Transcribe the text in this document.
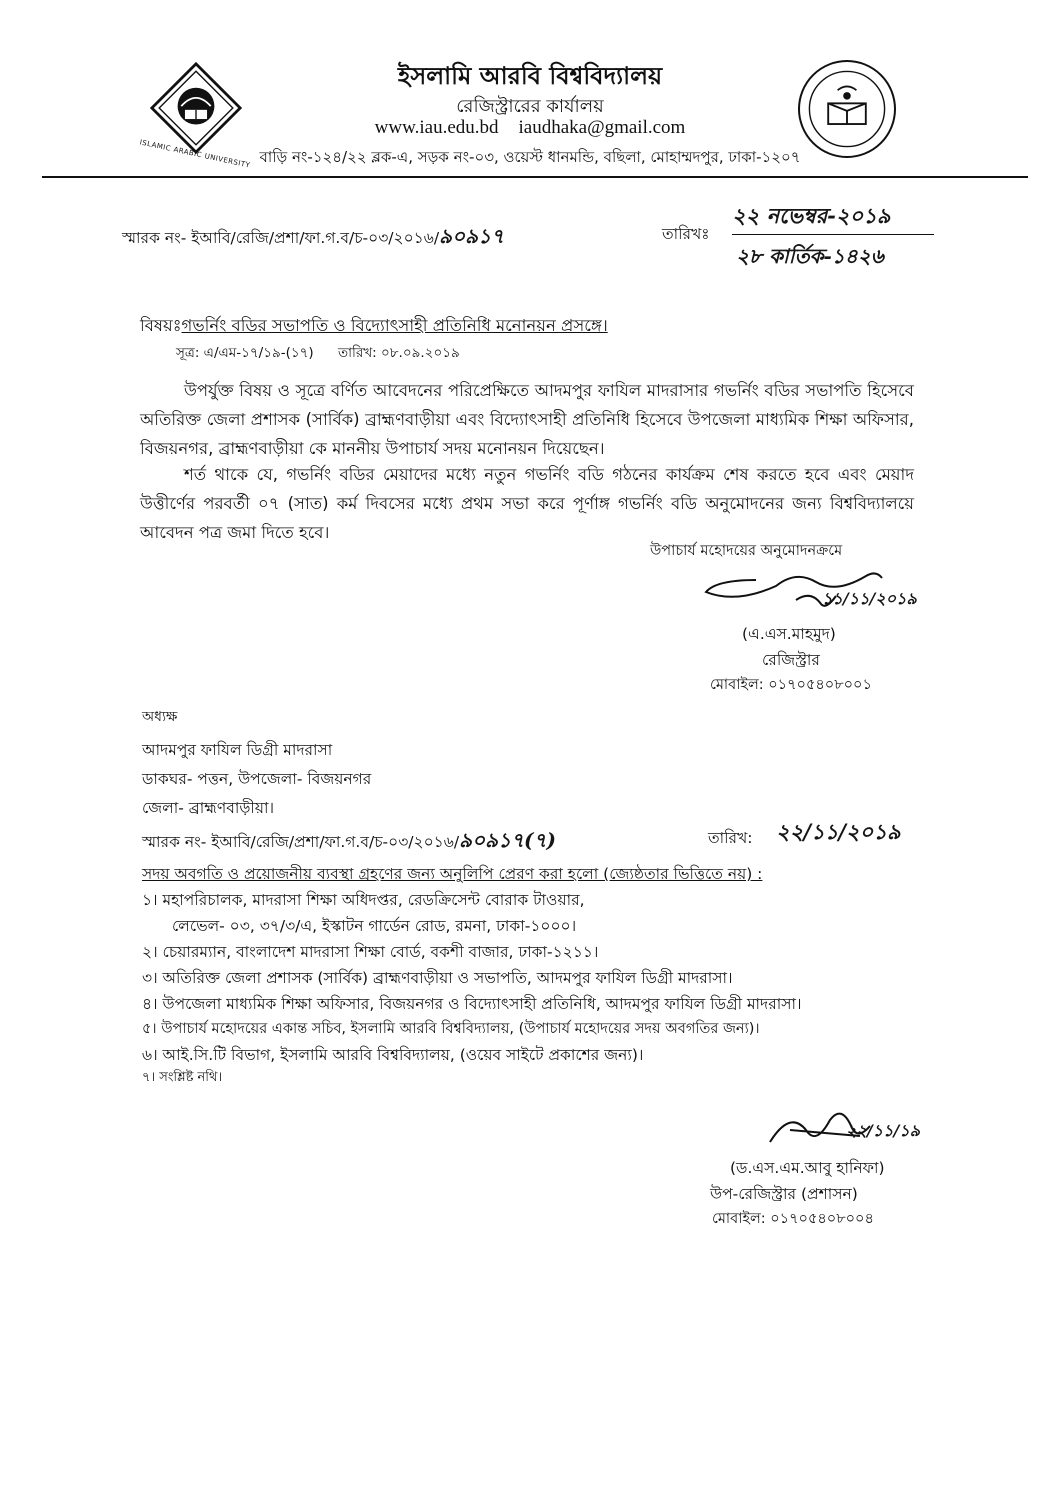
ISLAMIC ARABIC UNIVERSITY
ইসলামি আরবি বিশ্ববিদ্যালয়
রেজিস্ট্রারের কার্যালয়
www.iau.edu.bd iaudhaka@gmail.com
বাড়ি নং-১২৪/২২ ব্লক-এ, সড়ক নং-০৩, ওয়েস্ট ধানমন্ডি, বছিলা, মোহাম্মদপুর, ঢাকা-১২০৭
স্মারক নং- ইআবি/রেজি/প্রশা/ফা.গ.ব/চ-০৩/২০১৬/৯০৯১৭	তারিখঃ
২২ নভেম্বর-২০১৯
২৮ কার্তিক-১৪২৬
বিষয়ঃগভর্নিং বডির সভাপতি ও বিদ্যোৎসাহী প্রতিনিধি মনোনয়ন প্রসঙ্গে।
সূত্র: এ/এম-১৭/১৯-(১৭) তারিখ: ০৮.০৯.২০১৯
উপর্যুক্ত বিষয় ও সূত্রে বর্ণিত আবেদনের পরিপ্রেক্ষিতে আদমপুর ফাযিল মাদরাসার গভর্নিং বডির সভাপতি হিসেবে অতিরিক্ত জেলা প্রশাসক (সার্বিক) ব্রাহ্মণবাড়ীয়া এবং বিদ্যোৎসাহী প্রতিনিধি হিসেবে উপজেলা মাধ্যমিক শিক্ষা অফিসার, বিজয়নগর, ব্রাহ্মণবাড়ীয়া কে মাননীয় উপাচার্য সদয় মনোনয়ন দিয়েছেন।
শর্ত থাকে যে, গভর্নিং বডির মেয়াদের মধ্যে নতুন গভর্নিং বডি গঠনের কার্যক্রম শেষ করতে হবে এবং মেয়াদ উত্তীর্ণের পরবর্তী ০৭ (সাত) কর্ম দিবসের মধ্যে প্রথম সভা করে পূর্ণাঙ্গ গভর্নিং বডি অনুমোদনের জন্য বিশ্ববিদ্যালয়ে আবেদন পত্র জমা দিতে হবে।
উপাচার্য মহোদয়ের অনুমোদনক্রমে
১১/১১/২০১৯
(এ.এস.মাহমুদ)
রেজিস্ট্রার
মোবাইল: ০১৭০৫৪০৮০০১
অধ্যক্ষ
আদমপুর ফাযিল ডিগ্রী মাদরাসা
ডাকঘর- পত্তন, উপজেলা- বিজয়নগর
জেলা- ব্রাহ্মণবাড়ীয়া।
স্মারক নং- ইআবি/রেজি/প্রশা/ফা.গ.ব/চ-০৩/২০১৬/৯০৯১৭(৭)	তারিখ: ২২/১১/২০১৯
সদয় অবগতি ও প্রয়োজনীয় ব্যবস্থা গ্রহণের জন্য অনুলিপি প্রেরণ করা হলো (জ্যেষ্ঠতার ভিত্তিতে নয়) :
১। মহাপরিচালক, মাদরাসা শিক্ষা অধিদপ্তর, রেডক্রিসেন্ট বোরাক টাওয়ার,
লেভেল- ০৩, ৩৭/৩/এ, ইস্কাটন গার্ডেন রোড, রমনা, ঢাকা-১০০০।
২। চেয়ারম্যান, বাংলাদেশ মাদরাসা শিক্ষা বোর্ড, বকশী বাজার, ঢাকা-১২১১।
৩। অতিরিক্ত জেলা প্রশাসক (সার্বিক) ব্রাহ্মণবাড়ীয়া ও সভাপতি, আদমপুর ফাযিল ডিগ্রী মাদরাসা।
৪। উপজেলা মাধ্যমিক শিক্ষা অফিসার, বিজয়নগর ও বিদ্যোৎসাহী প্রতিনিধি, আদমপুর ফাযিল ডিগ্রী মাদরাসা।
৫। উপাচার্য মহোদয়ের একান্ত সচিব, ইসলামি আরবি বিশ্ববিদ্যালয়, (উপাচার্য মহোদয়ের সদয় অবগতির জন্য)।
৬। আই.সি.টি বিভাগ, ইসলামি আরবি বিশ্ববিদ্যালয়, (ওয়েব সাইটে প্রকাশের জন্য)।
৭। সংশ্লিষ্ট নথি।
২২/১১/১৯
(ড.এস.এম.আবু হানিফা)
উপ-রেজিস্ট্রার (প্রশাসন)
মোবাইল: ০১৭০৫৪০৮০০৪
